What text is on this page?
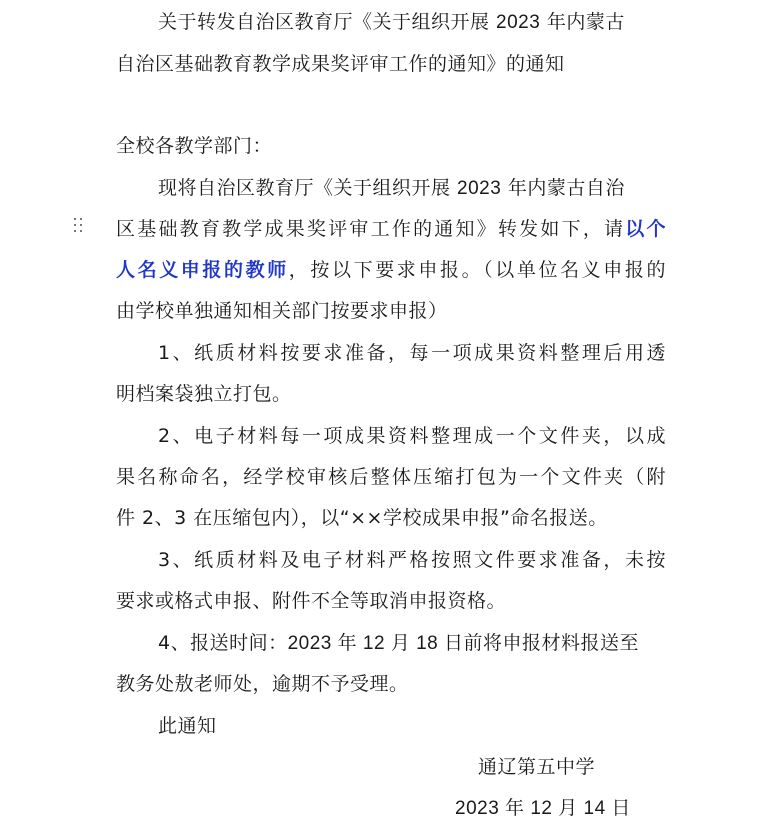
关于转发自治区教育厅《关于组织开展 2023 年内蒙古
自治区基础教育教学成果奖评审工作的通知》的通知
全校各教学部门：
现将自治区教育厅《关于组织开展 2023 年内蒙古自治
区基础教育教学成果奖评审工作的通知》转发如下，请以个
人名义申报的教师，按以下要求申报。（以单位名义申报的
由学校单独通知相关部门按要求申报）
1、纸质材料按要求准备，每一项成果资料整理后用透
明档案袋独立打包。
2、电子材料每一项成果资料整理成一个文件夹，以成
果名称命名，经学校审核后整体压缩打包为一个文件夹（附
件 2、3 在压缩包内），以“××学校成果申报”命名报送。
3、纸质材料及电子材料严格按照文件要求准备，未按
要求或格式申报、附件不全等取消申报资格。
4、报送时间：2023 年 12 月 18 日前将申报材料报送至
教务处敖老师处，逾期不予受理。
此通知
通辽第五中学
2023 年 12 月 14 日
